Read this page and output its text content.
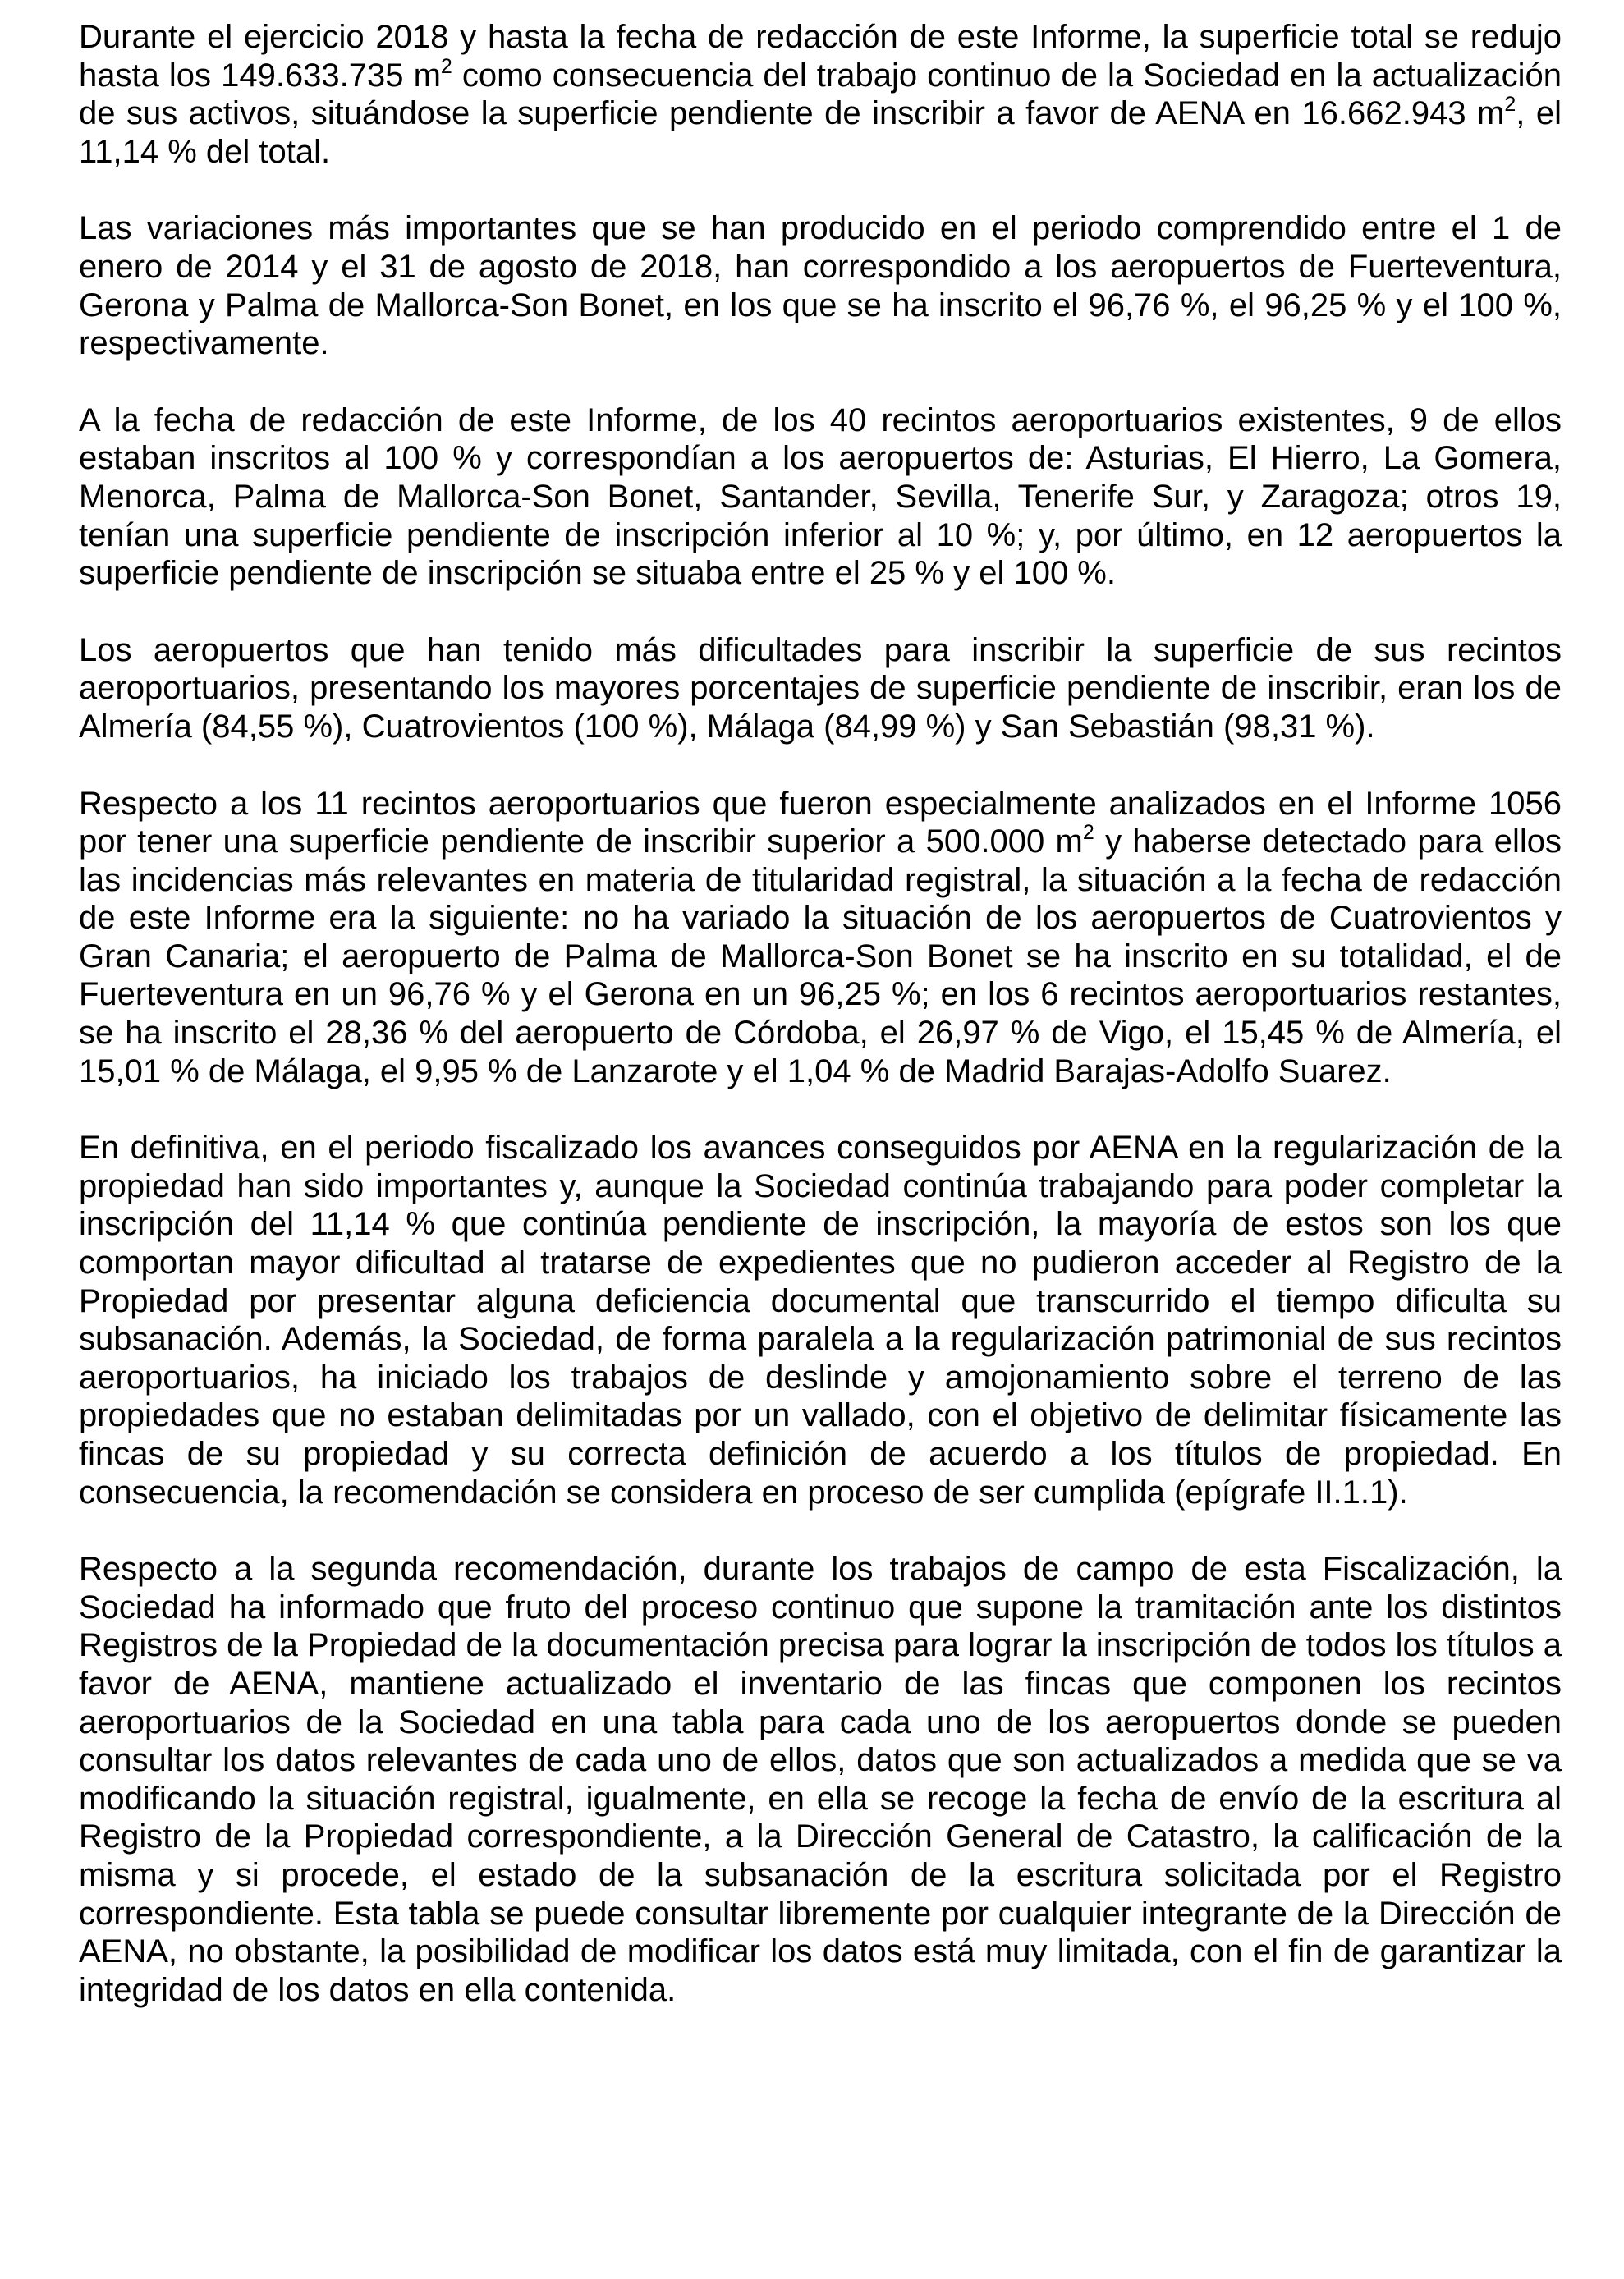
Durante el ejercicio 2018 y hasta la fecha de redacción de este Informe, la superficie total se redujo hasta los 149.633.735 $m^2$ como consecuencia del trabajo continuo de la Sociedad en la actualización de sus activos, situándose la superficie pendiente de inscribir a favor de AENA en 16.662.943 $m^2$, el 11,14 % del total.

Las variaciones más importantes que se han producido en el periodo comprendido entre el 1 de enero de 2014 y el 31 de agosto de 2018, han correspondido a los aeropuertos de Fuerteventura, Gerona y Palma de Mallorca-Son Bonet, en los que se ha inscrito el 96,76 %, el 96,25 % y el 100 %, respectivamente.

A la fecha de redacción de este Informe, de los 40 recintos aeroportuarios existentes, 9 de ellos estaban inscritos al 100 % y correspondían a los aeropuertos de: Asturias, El Hierro, La Gomera, Menorca, Palma de Mallorca-Son Bonet, Santander, Sevilla, Tenerife Sur, y Zaragoza; otros 19, tenían una superficie pendiente de inscripción inferior al 10 %; y, por último, en 12 aeropuertos la superficie pendiente de inscripción se situaba entre el 25 % y el 100 %.

Los aeropuertos que han tenido más dificultades para inscribir la superficie de sus recintos aeroportuarios, presentando los mayores porcentajes de superficie pendiente de inscribir, eran los de Almería (84,55 %), Cuatrovientos (100 %), Málaga (84,99 %) y San Sebastián (98,31 %).

Respecto a los 11 recintos aeroportuarios que fueron especialmente analizados en el Informe 1056 por tener una superficie pendiente de inscribir superior a 500.000 $m^2$ y haberse detectado para ellos las incidencias más relevantes en materia de titularidad registral, la situación a la fecha de redacción de este Informe era la siguiente: no ha variado la situación de los aeropuertos de Cuatrovientos y Gran Canaria; el aeropuerto de Palma de Mallorca-Son Bonet se ha inscrito en su totalidad, el de Fuerteventura en un 96,76 % y el Gerona en un 96,25 %; en los 6 recintos aeroportuarios restantes, se ha inscrito el 28,36 % del aeropuerto de Córdoba, el 26,97 % de Vigo, el 15,45 % de Almería, el 15,01 % de Málaga, el 9,95 % de Lanzarote y el 1,04 % de Madrid Barajas-Adolfo Suarez.

En definitiva, en el periodo fiscalizado los avances conseguidos por AENA en la regularización de la propiedad han sido importantes y, aunque la Sociedad continúa trabajando para poder completar la inscripción del 11,14 % que continúa pendiente de inscripción, la mayoría de estos son los que comportan mayor dificultad al tratarse de expedientes que no pudieron acceder al Registro de la Propiedad por presentar alguna deficiencia documental que transcurrido el tiempo dificulta su subsanación. Además, la Sociedad, de forma paralela a la regularización patrimonial de sus recintos aeroportuarios, ha iniciado los trabajos de deslinde y amojonamiento sobre el terreno de las propiedades que no estaban delimitadas por un vallado, con el objetivo de delimitar físicamente las fincas de su propiedad y su correcta definición de acuerdo a los títulos de propiedad. En consecuencia, la recomendación se considera en proceso de ser cumplida (epígrafe II.1.1).

Respecto a la segunda recomendación, durante los trabajos de campo de esta Fiscalización, la Sociedad ha informado que fruto del proceso continuo que supone la tramitación ante los distintos Registros de la Propiedad de la documentación precisa para lograr la inscripción de todos los títulos a favor de AENA, mantiene actualizado el inventario de las fincas que componen los recintos aeroportuarios de la Sociedad en una tabla para cada uno de los aeropuertos donde se pueden consultar los datos relevantes de cada uno de ellos, datos que son actualizados a medida que se va modificando la situación registral, igualmente, en ella se recoge la fecha de envío de la escritura al Registro de la Propiedad correspondiente, a la Dirección General de Catastro, la calificación de la misma y si procede, el estado de la subsanación de la escritura solicitada por el Registro correspondiente. Esta tabla se puede consultar libremente por cualquier integrante de la Dirección de AENA, no obstante, la posibilidad de modificar los datos está muy limitada, con el fin de garantizar la integridad de los datos en ella contenida.
